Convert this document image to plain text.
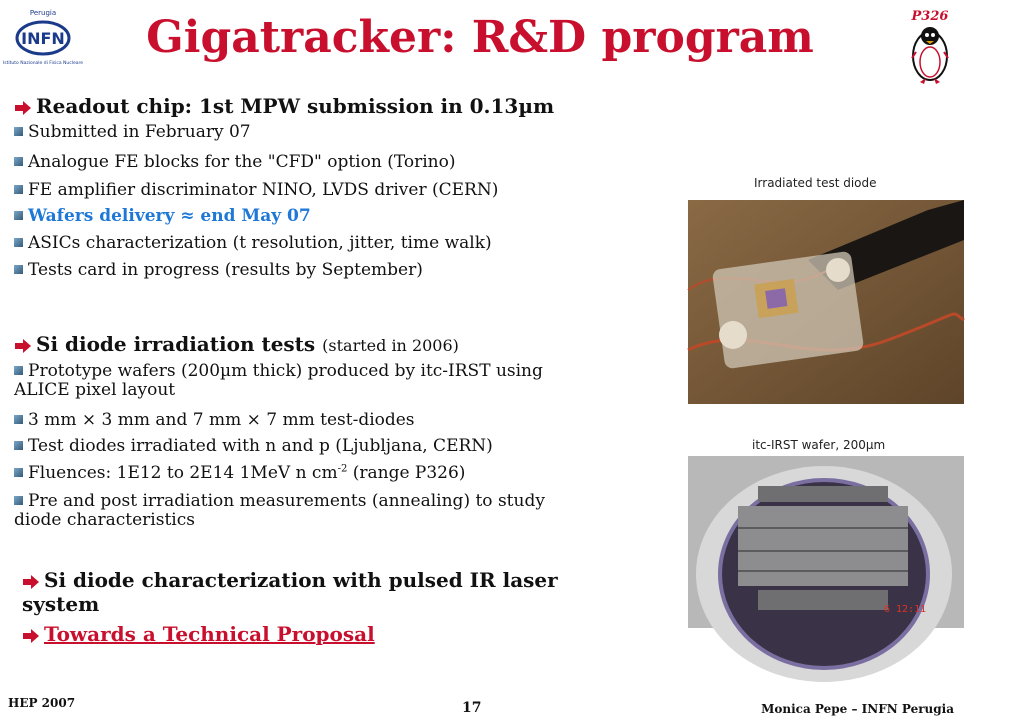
Perugia
INFN
Istituto Nazionale di Fisica Nucleare
P326
Gigatracker: R&D program
Readout chip: 1st MPW submission in 0.13µm
Submitted in February 07
Analogue FE blocks for the "CFD" option (Torino)
FE amplifier discriminator NINO, LVDS driver (CERN)
Wafers delivery ≈ end May 07
ASICs characterization (t resolution, jitter, time walk)
Tests card in progress (results by September)
Si diode irradiation tests (started in 2006)
Prototype wafers (200µm thick) produced by itc-IRST using ALICE pixel layout
3 mm × 3 mm and 7 mm × 7 mm test-diodes
Test diodes irradiated with n and p (Ljubljana, CERN)
Fluences: 1E12 to 2E14 1MeV n $cm^{-2}$ (range P326)
Pre and post irradiation measurements (annealing) to study diode characteristics
Si diode characterization with pulsed IR laser system
Towards a Technical Proposal
Irradiated test diode
itc-IRST wafer, 200µm
6 12:11
HEP 2007	17	Monica Pepe – INFN Perugia
